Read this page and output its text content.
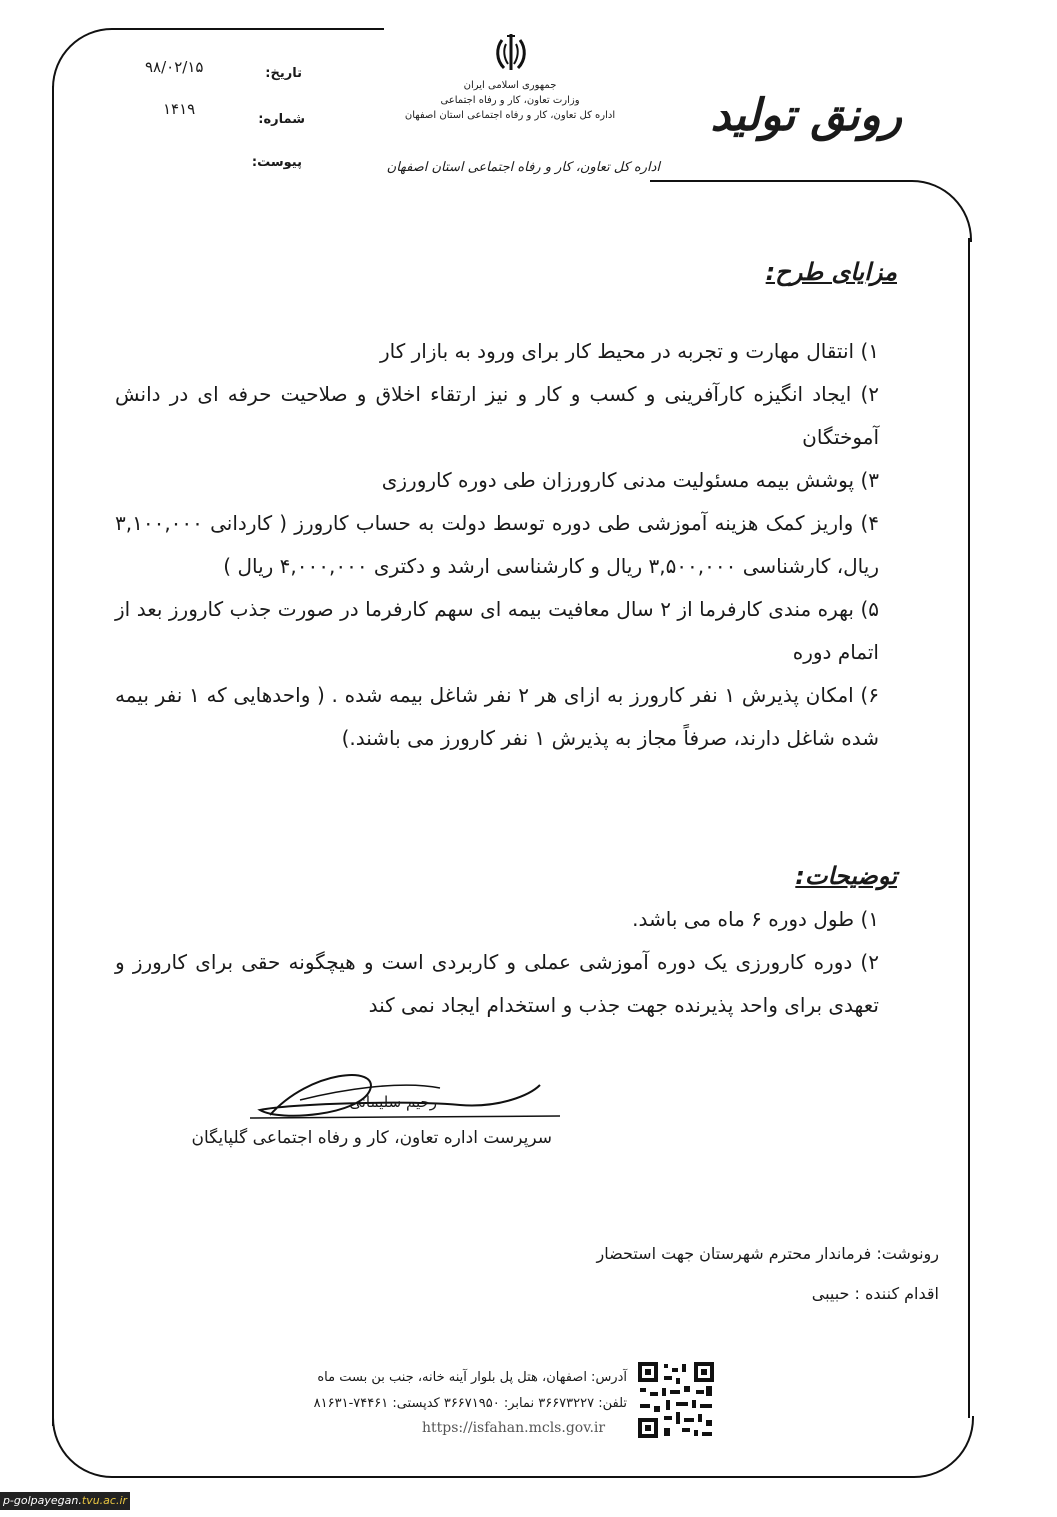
تاریخ:
۹۸/۰۲/۱۵
شماره:
۱۴۱۹
پیوست:
جمهوری اسلامی ایران
وزارت تعاون، کار و رفاه اجتماعی
اداره کل تعاون، کار و رفاه اجتماعی استان اصفهان
اداره کل تعاون، کار و رفاه اجتماعی استان اصفهان
رونق تولید
مزایای طرح:
۱) انتقال مهارت و تجربه در محیط کار برای ورود به بازار کار
۲) ایجاد انگیزه کارآفرینی و کسب و کار و نیز ارتقاء اخلاق و صلاحیت حرفه ای در دانش آموختگان
۳) پوشش بیمه مسئولیت مدنی کارورزان طی دوره کارورزی
۴) واریز کمک هزینه آموزشی طی دوره توسط دولت به حساب کارورز ( کاردانی ۳,۱۰۰,۰۰۰ ریال، کارشناسی ۳,۵۰۰,۰۰۰ ریال و کارشناسی ارشد و دکتری ۴,۰۰۰,۰۰۰ ریال )
۵) بهره مندی کارفرما از ۲ سال معافیت بیمه ای سهم کارفرما در صورت جذب کارورز بعد از اتمام دوره
۶) امکان پذیرش ۱ نفر کارورز به ازای هر ۲ نفر شاغل بیمه شده . ( واحدهایی که ۱ نفر بیمه شده شاغل دارند، صرفاً مجاز به پذیرش ۱ نفر کارورز می باشند.)
توضیحات:
۱) طول دوره ۶ ماه می باشد.
۲) دوره کارورزی یک دوره آموزشی عملی و کاربردی است و هیچگونه حقی برای کارورز و تعهدی برای واحد پذیرنده جهت جذب و استخدام ایجاد نمی کند
رحیم سلیمانی
سرپرست اداره تعاون، کار و رفاه اجتماعی گلپایگان
رونوشت: فرماندار محترم شهرستان جهت استحضار
اقدام کننده : حبیبی
آدرس: اصفهان، هتل پل بلوار آینه خانه، جنب بن بست ماه
تلفن: ۳۶۶۷۳۲۲۷ نمابر: ۳۶۶۷۱۹۵۰ کدپستی: ۷۴۴۶۱-۸۱۶۳۱
https://isfahan.mcls.gov.ir
p-golpayegan.tvu.ac.ir
